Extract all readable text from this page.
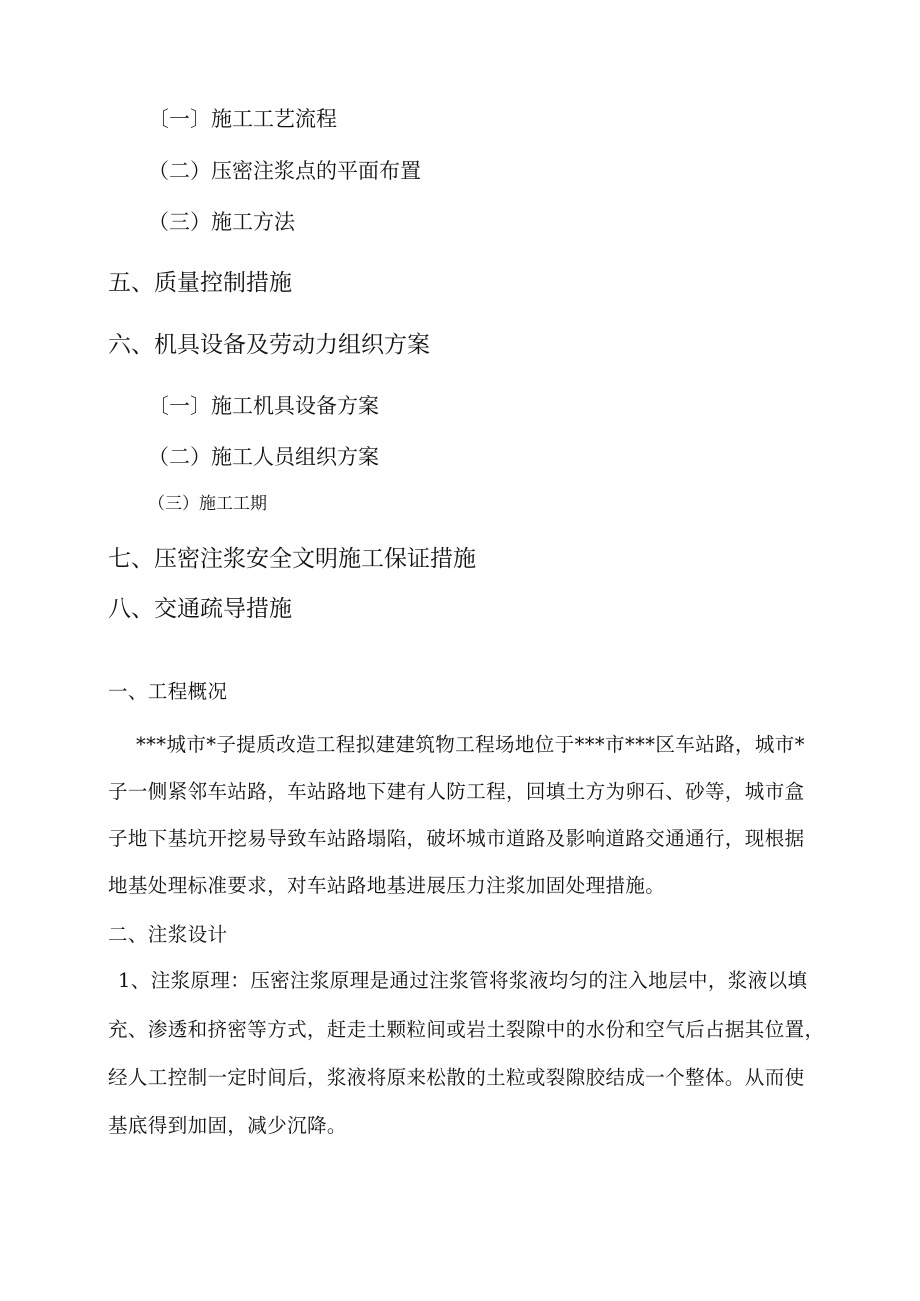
〔一〕施工工艺流程
（二）压密注浆点的平面布置
（三）施工方法
五、质量控制措施
六、机具设备及劳动力组织方案
〔一〕施工机具设备方案
（二）施工人员组织方案
（三）施工工期
七、压密注浆安全文明施工保证措施
八、交通疏导措施
一、工程概况
***城市*子提质改造工程拟建建筑物工程场地位于***市***区车站路，城市*
子一侧紧邻车站路，车站路地下建有人防工程，回填土方为卵石、砂等，城市盒
子地下基坑开挖易导致车站路塌陷，破坏城市道路及影响道路交通通行，现根据
地基处理标准要求，对车站路地基进展压力注浆加固处理措施。
二、注浆设计
1、注浆原理：压密注浆原理是通过注浆管将浆液均匀的注入地层中，浆液以填
充、渗透和挤密等方式，赶走土颗粒间或岩土裂隙中的水份和空气后占据其位置，
经人工控制一定时间后，浆液将原来松散的土粒或裂隙胶结成一个整体。从而使
基底得到加固，减少沉降。
